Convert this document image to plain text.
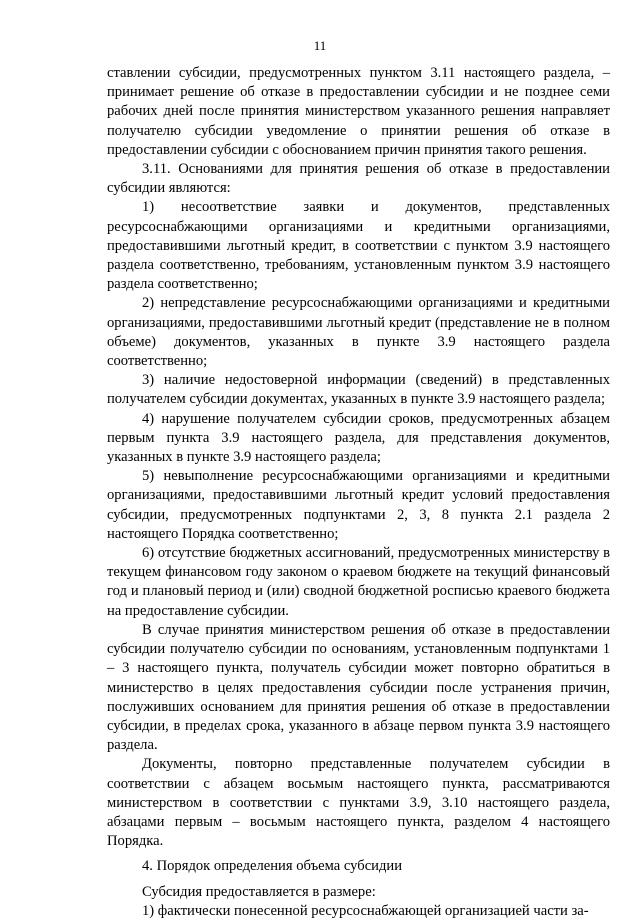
11

ставлении субсидии, предусмотренных пунктом 3.11 настоящего раздела, – принимает решение об отказе в предоставлении субсидии и не позднее семи рабочих дней после принятия министерством указанного решения направляет получателю субсидии уведомление о принятии решения об отказе в предоставлении субсидии с обоснованием причин принятия такого решения.

3.11. Основаниями для принятия решения об отказе в предоставлении субсидии являются:

1) несоответствие заявки и документов, представленных ресурсоснабжающими организациями и кредитными организациями, предоставившими льготный кредит, в соответствии с пунктом 3.9 настоящего раздела соответственно, требованиям, установленным пунктом 3.9 настоящего раздела соответственно;

2) непредставление ресурсоснабжающими организациями и кредитными организациями, предоставившими льготный кредит (представление не в полном объеме) документов, указанных в пункте 3.9 настоящего раздела соответственно;

3) наличие недостоверной информации (сведений) в представленных получателем субсидии документах, указанных в пункте 3.9 настоящего раздела;

4) нарушение получателем субсидии сроков, предусмотренных абзацем первым пункта 3.9 настоящего раздела, для представления документов, указанных в пункте 3.9 настоящего раздела;

5) невыполнение ресурсоснабжающими организациями и кредитными организациями, предоставившими льготный кредит условий предоставления субсидии, предусмотренных подпунктами 2, 3, 8 пункта 2.1 раздела 2 настоящего Порядка соответственно;

6) отсутствие бюджетных ассигнований, предусмотренных министерству в текущем финансовом году законом о краевом бюджете на текущий финансовый год и плановый период и (или) сводной бюджетной росписью краевого бюджета на предоставление субсидии.

В случае принятия министерством решения об отказе в предоставлении субсидии получателю субсидии по основаниям, установленным подпунктами 1 – 3 настоящего пункта, получатель субсидии может повторно обратиться в министерство в целях предоставления субсидии после устранения причин, послуживших основанием для принятия решения об отказе в предоставлении субсидии, в пределах срока, указанного в абзаце первом пункта 3.9 настоящего раздела.

Документы, повторно представленные получателем субсидии в соответствии с абзацем восьмым настоящего пункта, рассматриваются министерством в соответствии с пунктами 3.9, 3.10 настоящего раздела, абзацами первым – восьмым настоящего пункта, разделом 4 настоящего Порядка.

4. Порядок определения объема субсидии

Субсидия предоставляется в размере:

1) фактически понесенной ресурсоснабжающей организацией части за-
